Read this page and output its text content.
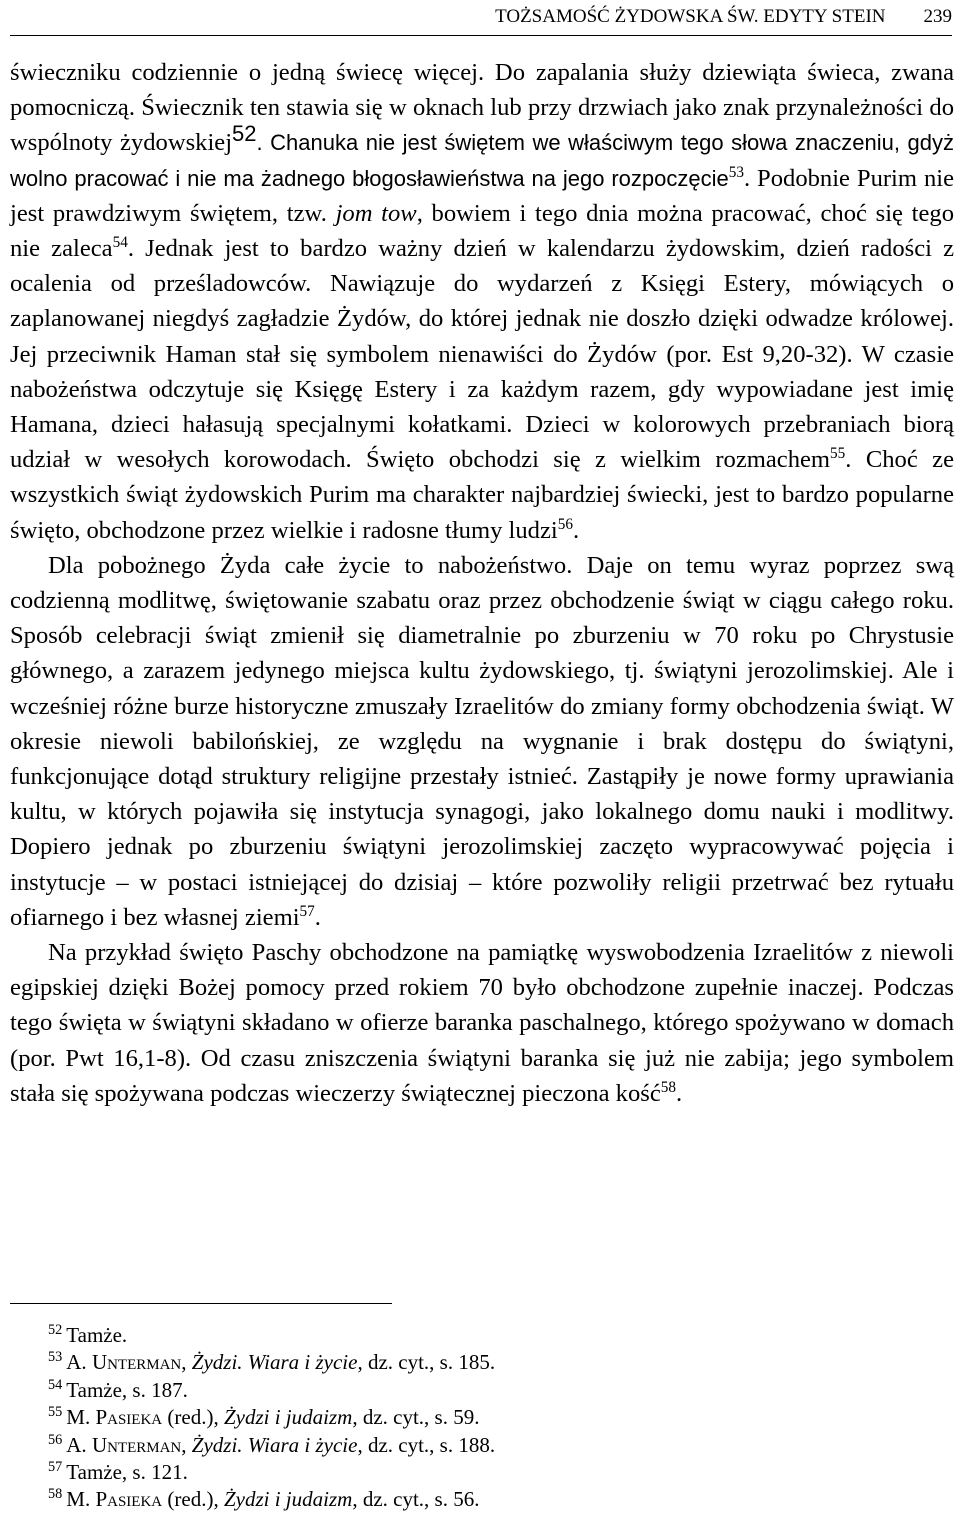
TOŻSAMOŚĆ ŻYDOWSKA ŚW. EDYTY STEIN 239

świeczniku codziennie o jedną świecę więcej. Do zapalania służy dziewiąta świeca, zwana pomocniczą. Świecznik ten stawia się w oknach lub przy drzwiach jako znak przynależności do wspólnoty żydowskiej$^{52}$. Chanuka nie jest świętem we właściwym tego słowa znaczeniu, gdyż wolno pracować i nie ma żadnego błogosławieństwa na jego rozpoczęcie$^{53}$. Podobnie Purim nie jest prawdziwym świętem, tzw. jom tow, bowiem i tego dnia można pracować, choć się tego nie zaleca$^{54}$. Jednak jest to bardzo ważny dzień w kalendarzu żydowskim, dzień radości z ocalenia od prześladowców. Nawiązuje do wydarzeń z Księgi Estery, mówiących o zaplanowanej niegdyś zagładzie Żydów, do której jednak nie doszło dzięki odwadze królowej. Jej przeciwnik Haman stał się symbolem nienawiści do Żydów (por. Est 9,20-32). W czasie nabożeństwa odczytuje się Księgę Estery i za każdym razem, gdy wypowiadane jest imię Hamana, dzieci hałasują specjalnymi kołatkami. Dzieci w kolorowych przebraniach biorą udział w wesołych korowodach. Święto obchodzi się z wielkim rozmachem$^{55}$. Choć ze wszystkich świąt żydowskich Purim ma charakter najbardziej świecki, jest to bardzo popularne święto, obchodzone przez wielkie i radosne tłumy ludzi$^{56}$.

Dla pobożnego Żyda całe życie to nabożeństwo. Daje on temu wyraz poprzez swą codzienną modlitwę, świętowanie szabatu oraz przez obchodzenie świąt w ciągu całego roku. Sposób celebracji świąt zmienił się diametralnie po zburzeniu w 70 roku po Chrystusie głównego, a zarazem jedynego miejsca kultu żydowskiego, tj. świątyni jerozolimskiej. Ale i wcześniej różne burze historyczne zmuszały Izraelitów do zmiany formy obchodzenia świąt. W okresie niewoli babilońskiej, ze względu na wygnanie i brak dostępu do świątyni, funkcjonujące dotąd struktury religijne przestały istnieć. Zastąpiły je nowe formy uprawiania kultu, w których pojawiła się instytucja synagogi, jako lokalnego domu nauki i modlitwy. Dopiero jednak po zburzeniu świątyni jerozolimskiej zaczęto wypracowywać pojęcia i instytucje – w postaci istniejącej do dzisiaj – które pozwoliły religii przetrwać bez rytuału ofiarnego i bez własnej ziemi$^{57}$.

Na przykład święto Paschy obchodzone na pamiątkę wyswobodzenia Izraelitów z niewoli egipskiej dzięki Bożej pomocy przed rokiem 70 było obchodzone zupełnie inaczej. Podczas tego święta w świątyni składano w ofierze baranka paschalnego, którego spożywano w domach (por. Pwt 16,1-8). Od czasu zniszczenia świątyni baranka się już nie zabija; jego symbolem stała się spożywana podczas wieczerzy świątecznej pieczona kość$^{58}$.

$^{52}$ Tamże.
$^{53}$ A. Unterman, Żydzi. Wiara i życie, dz. cyt., s. 185.
$^{54}$ Tamże, s. 187.
$^{55}$ M. Pasieka (red.), Żydzi i judaizm, dz. cyt., s. 59.
$^{56}$ A. Unterman, Żydzi. Wiara i życie, dz. cyt., s. 188.
$^{57}$ Tamże, s. 121.
$^{58}$ M. Pasieka (red.), Żydzi i judaizm, dz. cyt., s. 56.
